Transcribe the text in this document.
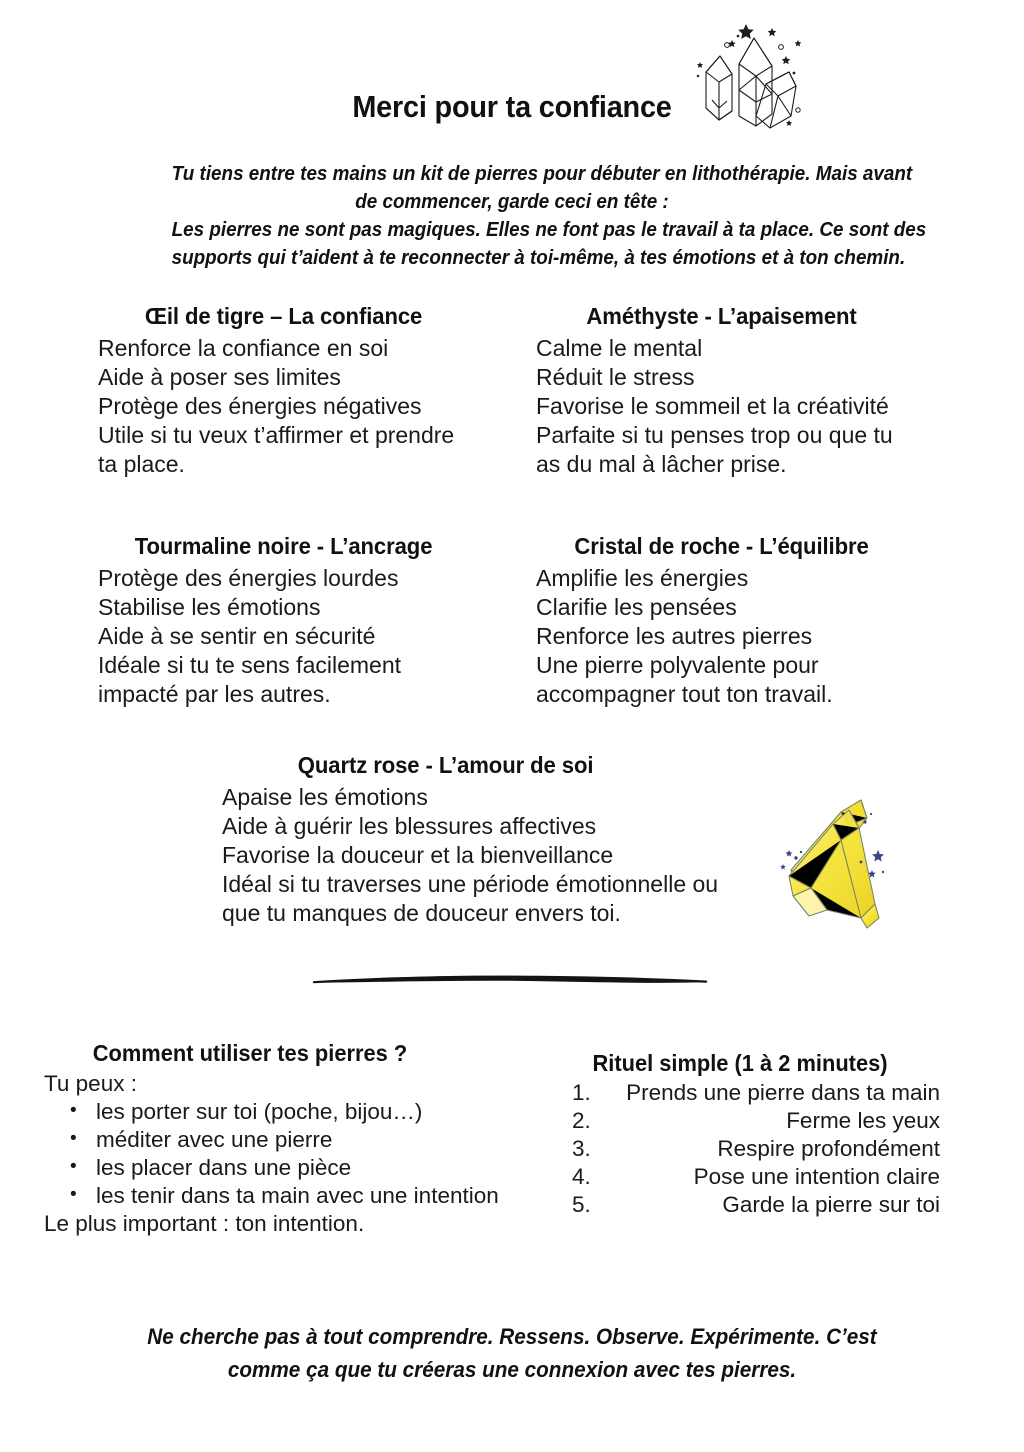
Merci pour ta confiance

Tu tiens entre tes mains un kit de pierres pour débuter en lithothérapie. Mais avant
de commencer, garde ceci en tête :
Les pierres ne sont pas magiques. Elles ne font pas le travail à ta place. Ce sont des
supports qui t’aident à te reconnecter à toi-même, à tes émotions et à ton chemin.

Œil de tigre – La confiance
Renforce la confiance en soi
Aide à poser ses limites
Protège des énergies négatives
Utile si tu veux t’affirmer et prendre
ta place.
Améthyste - L’apaisement
Calme le mental
Réduit le stress
Favorise le sommeil et la créativité
Parfaite si tu penses trop ou que tu
as du mal à lâcher prise.
Tourmaline noire - L’ancrage
Protège des énergies lourdes
Stabilise les émotions
Aide à se sentir en sécurité
Idéale si tu te sens facilement
impacté par les autres.
Cristal de roche - L’équilibre
Amplifie les énergies
Clarifie les pensées
Renforce les autres pierres
Une pierre polyvalente pour
accompagner tout ton travail.
Quartz rose - L’amour de soi
Apaise les émotions
Aide à guérir les blessures affectives
Favorise la douceur et la bienveillance
Idéal si tu traverses une période émotionnelle ou
que tu manques de douceur envers toi.
Comment utiliser tes pierres ?
Tu peux :
• les porter sur toi (poche, bijou…)
• méditer avec une pierre
• les placer dans une pièce
• les tenir dans ta main avec une intention
Le plus important : ton intention.
Rituel simple (1 à 2 minutes)
1. Prends une pierre dans ta main
2.	Ferme les yeux
3.	Respire profondément
4.	Pose une intention claire
5.	Garde la pierre sur toi

Ne cherche pas à tout comprendre. Ressens. Observe. Expérimente. C’est
comme ça que tu créeras une connexion avec tes pierres.
